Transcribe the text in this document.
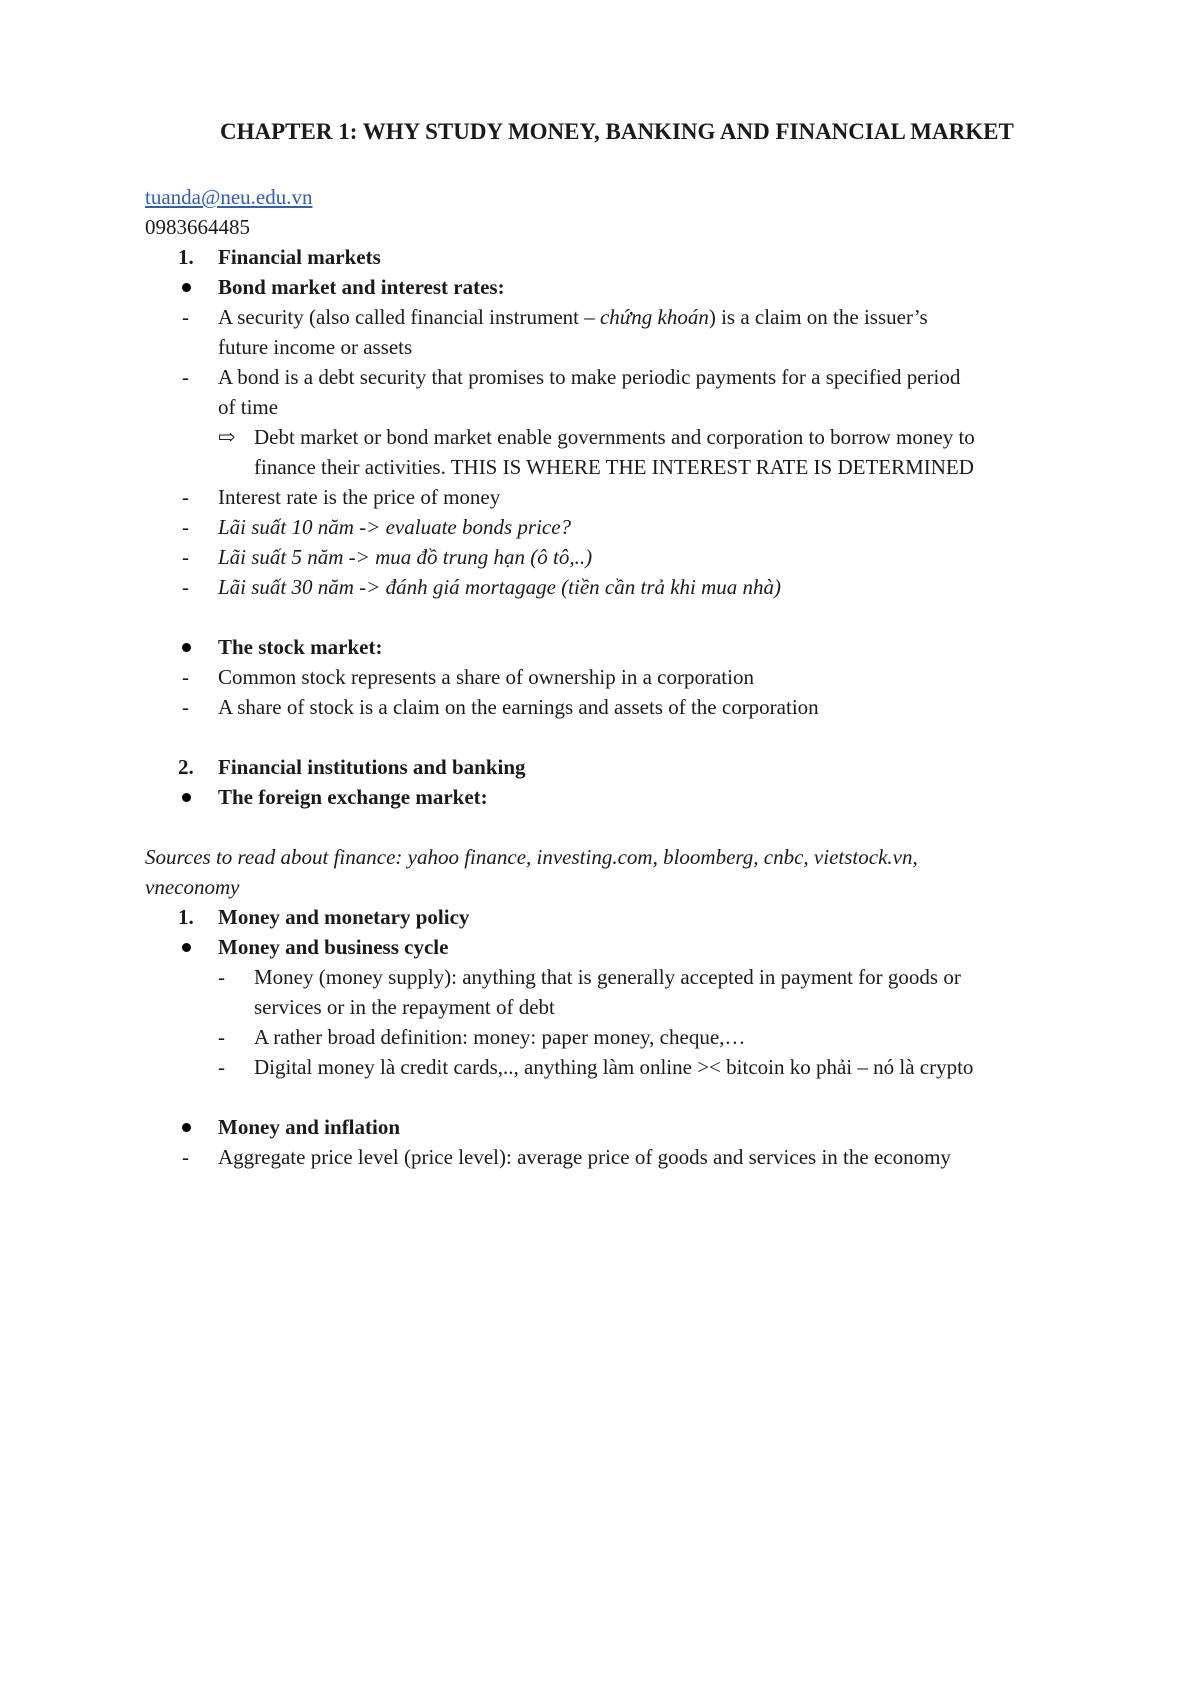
CHAPTER 1: WHY STUDY MONEY, BANKING AND FINANCIAL MARKET
tuanda@neu.edu.vn
0983664485
1. Financial markets
Bond market and interest rates:
- A security (also called financial instrument – chứng khoán) is a claim on the issuer’s
future income or assets
- A bond is a debt security that promises to make periodic payments for a specified period
of time
⇨ Debt market or bond market enable governments and corporation to borrow money to
finance their activities. THIS IS WHERE THE INTEREST RATE IS DETERMINED
- Interest rate is the price of money
- Lãi suất 10 năm -> evaluate bonds price?
- Lãi suất 5 năm -> mua đồ trung hạn (ô tô,..)
- Lãi suất 30 năm -> đánh giá mortagage (tiền cần trả khi mua nhà)
The stock market:
- Common stock represents a share of ownership in a corporation
- A share of stock is a claim on the earnings and assets of the corporation
2. Financial institutions and banking
The foreign exchange market:
Sources to read about finance: yahoo finance, investing.com, bloomberg, cnbc, vietstock.vn,
vneconomy
1. Money and monetary policy
Money and business cycle
- Money (money supply): anything that is generally accepted in payment for goods or
services or in the repayment of debt
- A rather broad definition: money: paper money, cheque,…
- Digital money là credit cards,.., anything làm online >< bitcoin ko phải – nó là crypto
Money and inflation
- Aggregate price level (price level): average price of goods and services in the economy
